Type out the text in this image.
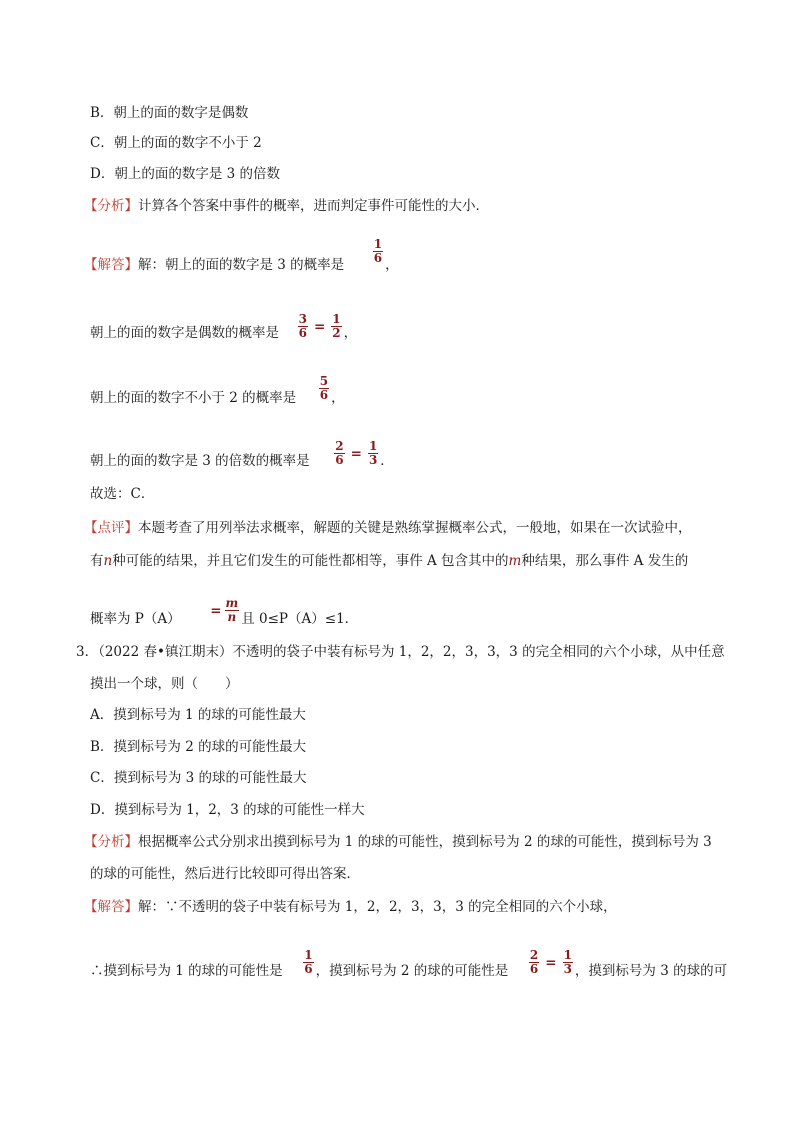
B．朝上的面的数字是偶数
C．朝上的面的数字不小于 2
D．朝上的面的数字是 3 的倍数
【分析】计算各个答案中事件的概率，进而判定事件可能性的大小．
【解答】解：朝上的面的数字是 3 的概率是 $\frac{1}{6}$ ，
朝上的面的数字是偶数的概率是 $\frac{3}{6} = \frac{1}{2}$ ，
朝上的面的数字不小于 2 的概率是 $\frac{5}{6}$ ，
朝上的面的数字是 3 的倍数的概率是 $\frac{2}{6} = \frac{1}{3}$ ．
故选：C．
【点评】本题考查了用列举法求概率，解题的关键是熟练掌握概率公式，一般地，如果在一次试验中，
有n种可能的结果，并且它们发生的可能性都相等，事件 A 包含其中的m种结果，那么事件 A 发生的
概率为 P（A）
= $\frac{m}{n}$ 且 0≤P（A）≤1．
3．（2022 春•镇江期末）不透明的袋子中装有标号为 1，2，2，3，3，3 的完全相同的六个小球，从中任意
摸出一个球，则（　　）
A．摸到标号为 1 的球的可能性最大
B．摸到标号为 2 的球的可能性最大
C．摸到标号为 3 的球的可能性最大
D．摸到标号为 1，2，3 的球的可能性一样大
【分析】根据概率公式分别求出摸到标号为 1 的球的可能性，摸到标号为 2 的球的可能性，摸到标号为 3
的球的可能性，然后进行比较即可得出答案．
【解答】解：∵不透明的袋子中装有标号为 1，2，2，3，3，3 的完全相同的六个小球，
∴摸到标号为 1 的球的可能性是 $\frac{1}{6}$ ，摸到标号为 2 的球的可能性是 $\frac{2}{6} = \frac{1}{3}$ ，摸到标号为 3 的球的可
